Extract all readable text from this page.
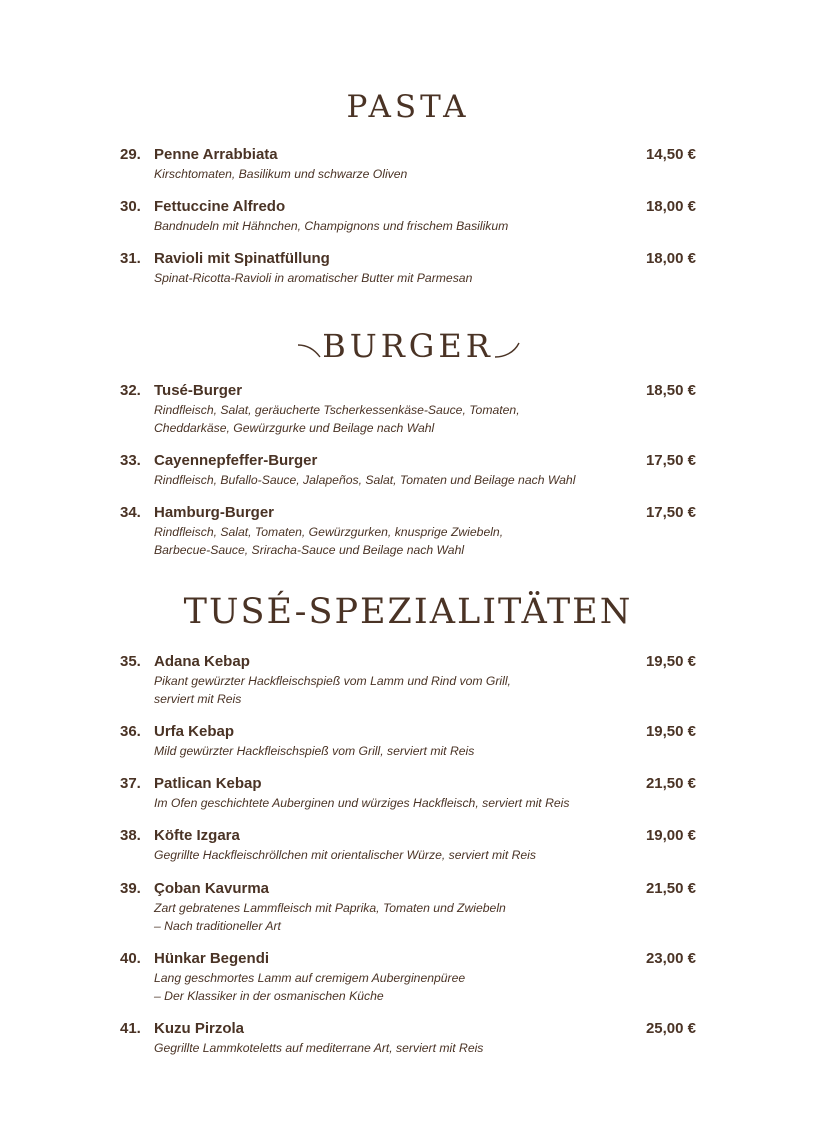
PASTA
29. Penne Arrabbiata	14,50 €
Kirschtomaten, Basilikum und schwarze Oliven
30. Fettuccine Alfredo	18,00 €
Bandnudeln mit Hähnchen, Champignons und frischem Basilikum
31. Ravioli mit Spinatfüllung	18,00 €
Spinat-Ricotta-Ravioli in aromatischer Butter mit Parmesan
BURGER
32. Tusé-Burger	18,50 €
Rindfleisch, Salat, geräucherte Tscherkessenkäse-Sauce, Tomaten,
Cheddarkäse, Gewürzgurke und Beilage nach Wahl
33. Cayennepfeffer-Burger	17,50 €
Rindfleisch, Bufallo-Sauce, Jalapeños, Salat, Tomaten und Beilage nach Wahl
34. Hamburg-Burger	17,50 €
Rindfleisch, Salat, Tomaten, Gewürzgurken, knusprige Zwiebeln,
Barbecue-Sauce, Sriracha-Sauce und Beilage nach Wahl
TUSÉ-SPEZIALITÄTEN
35. Adana Kebap	19,50 €
Pikant gewürzter Hackfleischspieß vom Lamm und Rind vom Grill,
serviert mit Reis
36. Urfa Kebap	19,50 €
Mild gewürzter Hackfleischspieß vom Grill, serviert mit Reis
37. Patlican Kebap	21,50 €
Im Ofen geschichtete Auberginen und würziges Hackfleisch, serviert mit Reis
38. Köfte Izgara	19,00 €
Gegrillte Hackfleischröllchen mit orientalischer Würze, serviert mit Reis
39. Çoban Kavurma	21,50 €
Zart gebratenes Lammfleisch mit Paprika, Tomaten und Zwiebeln
– Nach traditioneller Art
40. Hünkar Begendi	23,00 €
Lang geschmortes Lamm auf cremigem Auberginenpüree
– Der Klassiker in der osmanischen Küche
41. Kuzu Pirzola	25,00 €
Gegrillte Lammkoteletts auf mediterrane Art, serviert mit Reis
